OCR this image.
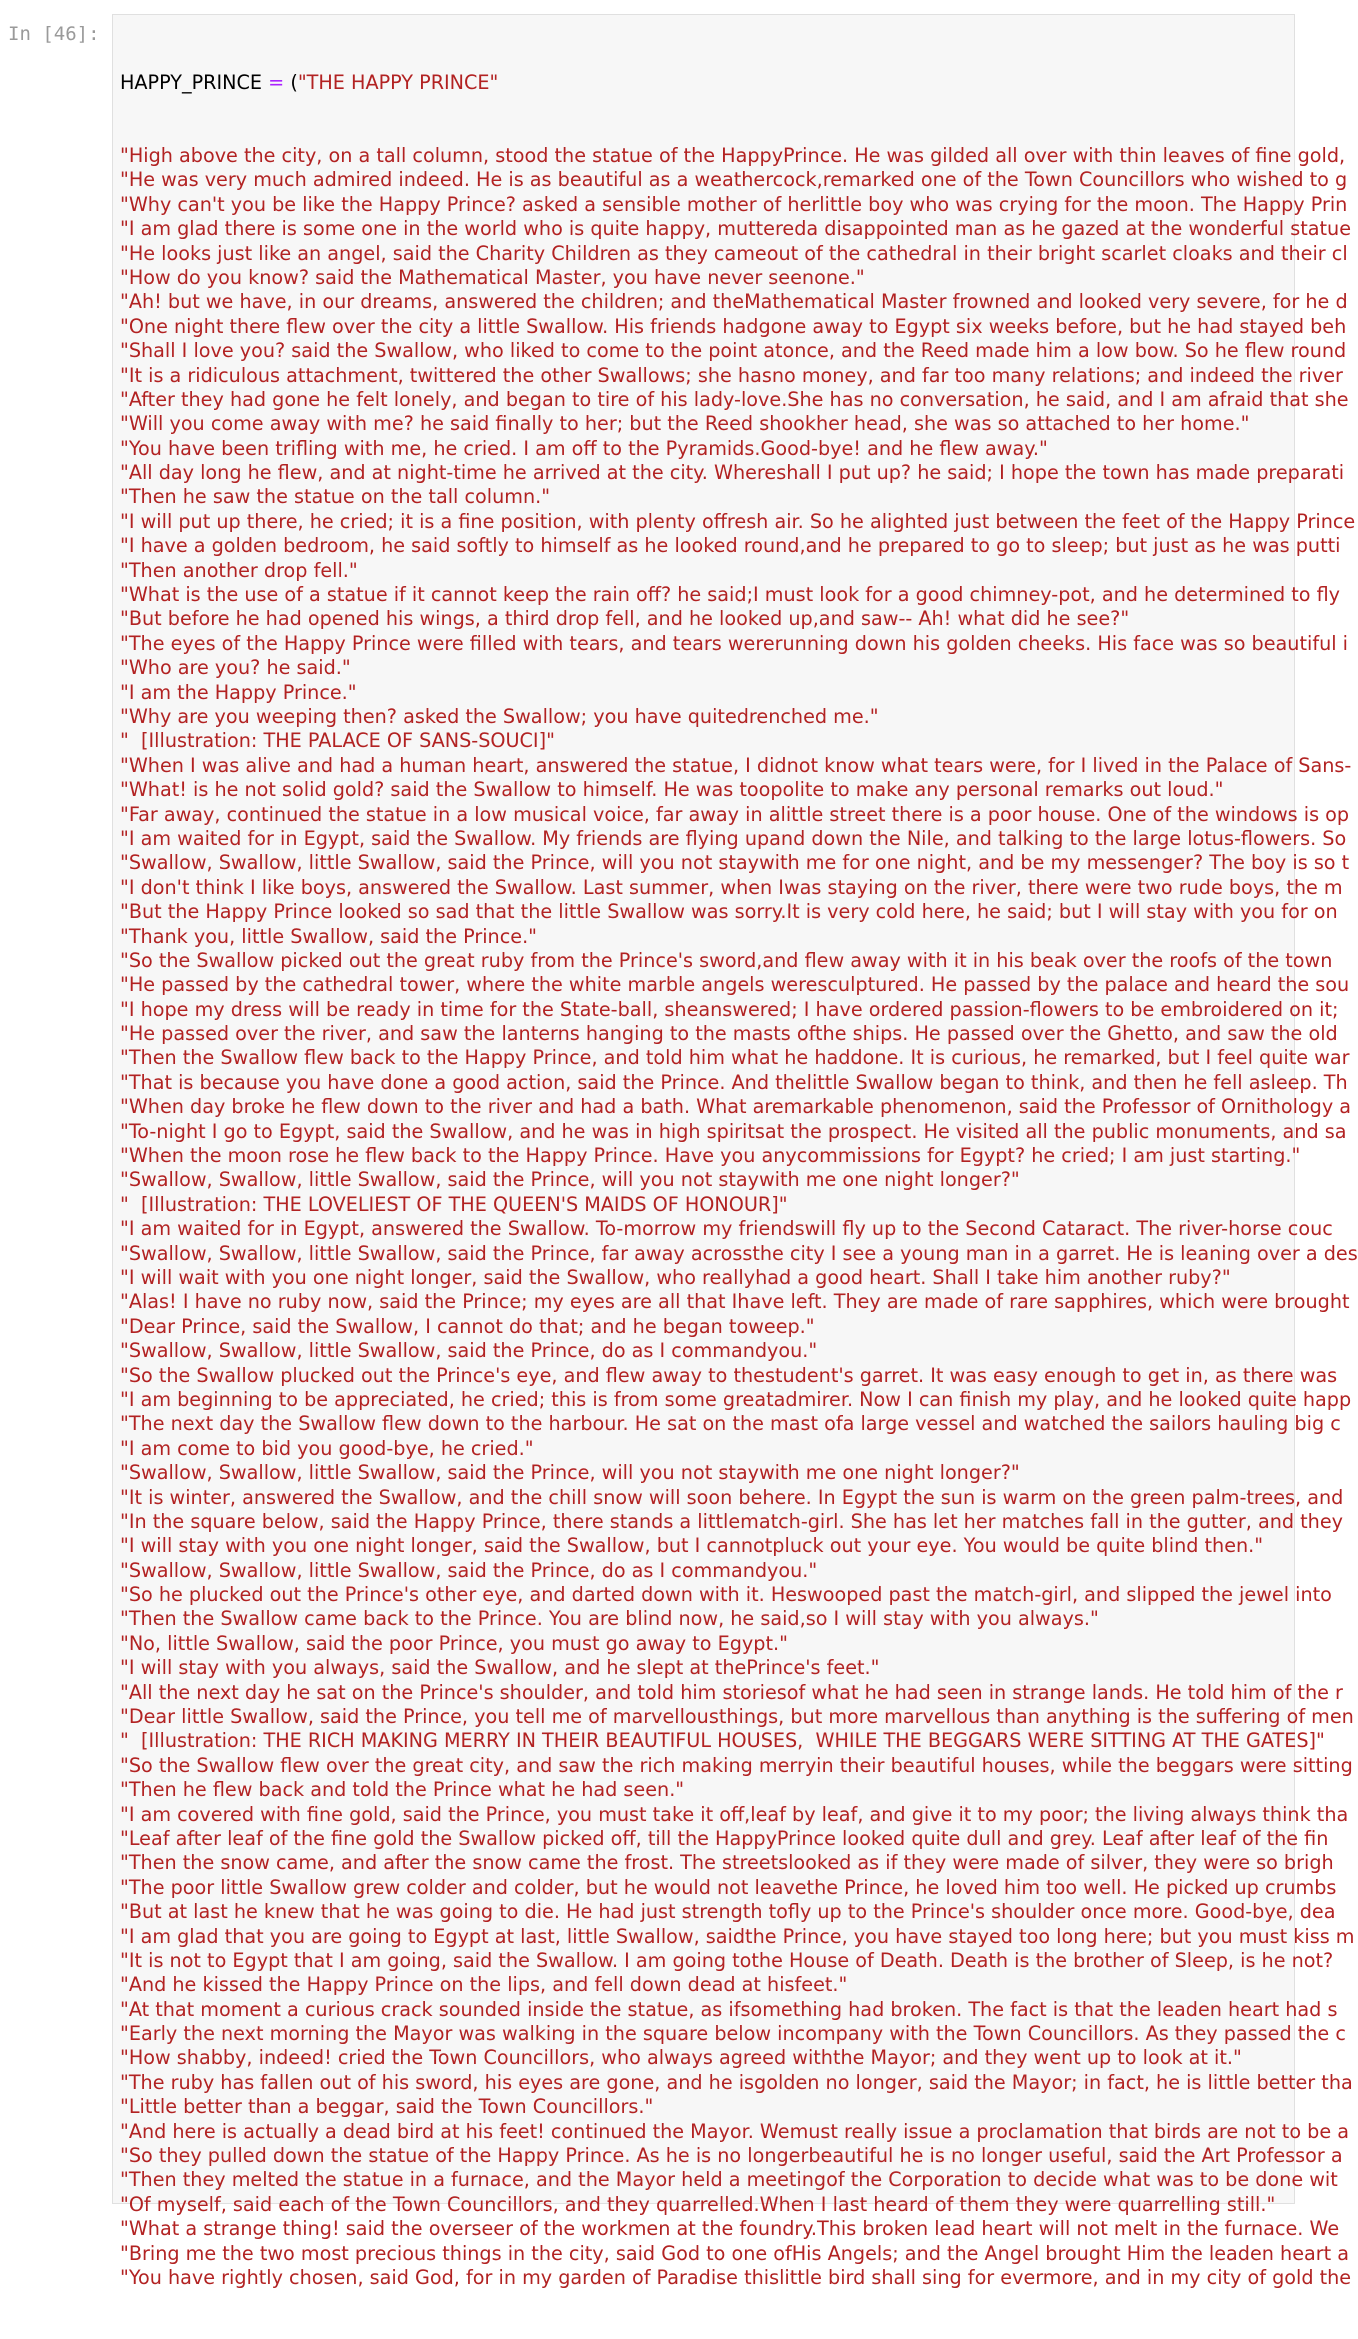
In [46]:

HAPPY_PRINCE = ("THE HAPPY PRINCE"

"High above the city, on a tall column, stood the statue of the HappyPrince. He was gilded all over with thin leaves of fine gold,
"He was very much admired indeed. He is as beautiful as a weathercock,remarked one of the Town Councillors who wished to g
"Why can't you be like the Happy Prince? asked a sensible mother of herlittle boy who was crying for the moon. The Happy Prin
"I am glad there is some one in the world who is quite happy, muttereda disappointed man as he gazed at the wonderful statue
"He looks just like an angel, said the Charity Children as they cameout of the cathedral in their bright scarlet cloaks and their cl
"How do you know? said the Mathematical Master, you have never seenone."
"Ah! but we have, in our dreams, answered the children; and theMathematical Master frowned and looked very severe, for he d
"One night there flew over the city a little Swallow. His friends hadgone away to Egypt six weeks before, but he had stayed beh
"Shall I love you? said the Swallow, who liked to come to the point atonce, and the Reed made him a low bow. So he flew round
"It is a ridiculous attachment, twittered the other Swallows; she hasno money, and far too many relations; and indeed the river
"After they had gone he felt lonely, and began to tire of his lady-love.She has no conversation, he said, and I am afraid that she
"Will you come away with me? he said finally to her; but the Reed shookher head, she was so attached to her home."
"You have been trifling with me, he cried. I am off to the Pyramids.Good-bye! and he flew away."
"All day long he flew, and at night-time he arrived at the city. Whereshall I put up? he said; I hope the town has made preparati
"Then he saw the statue on the tall column."
"I will put up there, he cried; it is a fine position, with plenty offresh air. So he alighted just between the feet of the Happy Prince
"I have a golden bedroom, he said softly to himself as he looked round,and he prepared to go to sleep; but just as he was putti
"Then another drop fell."
"What is the use of a statue if it cannot keep the rain off? he said;I must look for a good chimney-pot, and he determined to fly
"But before he had opened his wings, a third drop fell, and he looked up,and saw-- Ah! what did he see?"
"The eyes of the Happy Prince were filled with tears, and tears wererunning down his golden cheeks. His face was so beautiful i
"Who are you? he said."
"I am the Happy Prince."
"Why are you weeping then? asked the Swallow; you have quitedrenched me."
"  [Illustration: THE PALACE OF SANS-SOUCI]"
"When I was alive and had a human heart, answered the statue, I didnot know what tears were, for I lived in the Palace of Sans-
"What! is he not solid gold? said the Swallow to himself. He was toopolite to make any personal remarks out loud."
"Far away, continued the statue in a low musical voice, far away in alittle street there is a poor house. One of the windows is op
"I am waited for in Egypt, said the Swallow. My friends are flying upand down the Nile, and talking to the large lotus-flowers. So
"Swallow, Swallow, little Swallow, said the Prince, will you not staywith me for one night, and be my messenger? The boy is so t
"I don't think I like boys, answered the Swallow. Last summer, when Iwas staying on the river, there were two rude boys, the m
"But the Happy Prince looked so sad that the little Swallow was sorry.It is very cold here, he said; but I will stay with you for on
"Thank you, little Swallow, said the Prince."
"So the Swallow picked out the great ruby from the Prince's sword,and flew away with it in his beak over the roofs of the town
"He passed by the cathedral tower, where the white marble angels weresculptured. He passed by the palace and heard the sou
"I hope my dress will be ready in time for the State-ball, sheanswered; I have ordered passion-flowers to be embroidered on it;
"He passed over the river, and saw the lanterns hanging to the masts ofthe ships. He passed over the Ghetto, and saw the old
"Then the Swallow flew back to the Happy Prince, and told him what he haddone. It is curious, he remarked, but I feel quite war
"That is because you have done a good action, said the Prince. And thelittle Swallow began to think, and then he fell asleep. Th
"When day broke he flew down to the river and had a bath. What aremarkable phenomenon, said the Professor of Ornithology a
"To-night I go to Egypt, said the Swallow, and he was in high spiritsat the prospect. He visited all the public monuments, and sa
"When the moon rose he flew back to the Happy Prince. Have you anycommissions for Egypt? he cried; I am just starting."
"Swallow, Swallow, little Swallow, said the Prince, will you not staywith me one night longer?"
"  [Illustration: THE LOVELIEST OF THE QUEEN'S MAIDS OF HONOUR]"
"I am waited for in Egypt, answered the Swallow. To-morrow my friendswill fly up to the Second Cataract. The river-horse couc
"Swallow, Swallow, little Swallow, said the Prince, far away acrossthe city I see a young man in a garret. He is leaning over a des
"I will wait with you one night longer, said the Swallow, who reallyhad a good heart. Shall I take him another ruby?"
"Alas! I have no ruby now, said the Prince; my eyes are all that Ihave left. They are made of rare sapphires, which were brought
"Dear Prince, said the Swallow, I cannot do that; and he began toweep."
"Swallow, Swallow, little Swallow, said the Prince, do as I commandyou."
"So the Swallow plucked out the Prince's eye, and flew away to thestudent's garret. It was easy enough to get in, as there was
"I am beginning to be appreciated, he cried; this is from some greatadmirer. Now I can finish my play, and he looked quite happ
"The next day the Swallow flew down to the harbour. He sat on the mast ofa large vessel and watched the sailors hauling big c
"I am come to bid you good-bye, he cried."
"Swallow, Swallow, little Swallow, said the Prince, will you not staywith me one night longer?"
"It is winter, answered the Swallow, and the chill snow will soon behere. In Egypt the sun is warm on the green palm-trees, and
"In the square below, said the Happy Prince, there stands a littlematch-girl. She has let her matches fall in the gutter, and they
"I will stay with you one night longer, said the Swallow, but I cannotpluck out your eye. You would be quite blind then."
"Swallow, Swallow, little Swallow, said the Prince, do as I commandyou."
"So he plucked out the Prince's other eye, and darted down with it. Heswooped past the match-girl, and slipped the jewel into
"Then the Swallow came back to the Prince. You are blind now, he said,so I will stay with you always."
"No, little Swallow, said the poor Prince, you must go away to Egypt."
"I will stay with you always, said the Swallow, and he slept at thePrince's feet."
"All the next day he sat on the Prince's shoulder, and told him storiesof what he had seen in strange lands. He told him of the r
"Dear little Swallow, said the Prince, you tell me of marvellousthings, but more marvellous than anything is the suffering of men
"  [Illustration: THE RICH MAKING MERRY IN THEIR BEAUTIFUL HOUSES,  WHILE THE BEGGARS WERE SITTING AT THE GATES]"
"So the Swallow flew over the great city, and saw the rich making merryin their beautiful houses, while the beggars were sitting
"Then he flew back and told the Prince what he had seen."
"I am covered with fine gold, said the Prince, you must take it off,leaf by leaf, and give it to my poor; the living always think tha
"Leaf after leaf of the fine gold the Swallow picked off, till the HappyPrince looked quite dull and grey. Leaf after leaf of the fin
"Then the snow came, and after the snow came the frost. The streetslooked as if they were made of silver, they were so brigh
"The poor little Swallow grew colder and colder, but he would not leavethe Prince, he loved him too well. He picked up crumbs
"But at last he knew that he was going to die. He had just strength tofly up to the Prince's shoulder once more. Good-bye, dea
"I am glad that you are going to Egypt at last, little Swallow, saidthe Prince, you have stayed too long here; but you must kiss m
"It is not to Egypt that I am going, said the Swallow. I am going tothe House of Death. Death is the brother of Sleep, is he not?
"And he kissed the Happy Prince on the lips, and fell down dead at hisfeet."
"At that moment a curious crack sounded inside the statue, as ifsomething had broken. The fact is that the leaden heart had s
"Early the next morning the Mayor was walking in the square below incompany with the Town Councillors. As they passed the c
"How shabby, indeed! cried the Town Councillors, who always agreed withthe Mayor; and they went up to look at it."
"The ruby has fallen out of his sword, his eyes are gone, and he isgolden no longer, said the Mayor; in fact, he is little better tha
"Little better than a beggar, said the Town Councillors."
"And here is actually a dead bird at his feet! continued the Mayor. Wemust really issue a proclamation that birds are not to be a
"So they pulled down the statue of the Happy Prince. As he is no longerbeautiful he is no longer useful, said the Art Professor a
"Then they melted the statue in a furnace, and the Mayor held a meetingof the Corporation to decide what was to be done wit
"Of myself, said each of the Town Councillors, and they quarrelled.When I last heard of them they were quarrelling still."
"What a strange thing! said the overseer of the workmen at the foundry.This broken lead heart will not melt in the furnace. We
"Bring me the two most precious things in the city, said God to one ofHis Angels; and the Angel brought Him the leaden heart a
"You have rightly chosen, said God, for in my garden of Paradise thislittle bird shall sing for evermore, and in my city of gold the
